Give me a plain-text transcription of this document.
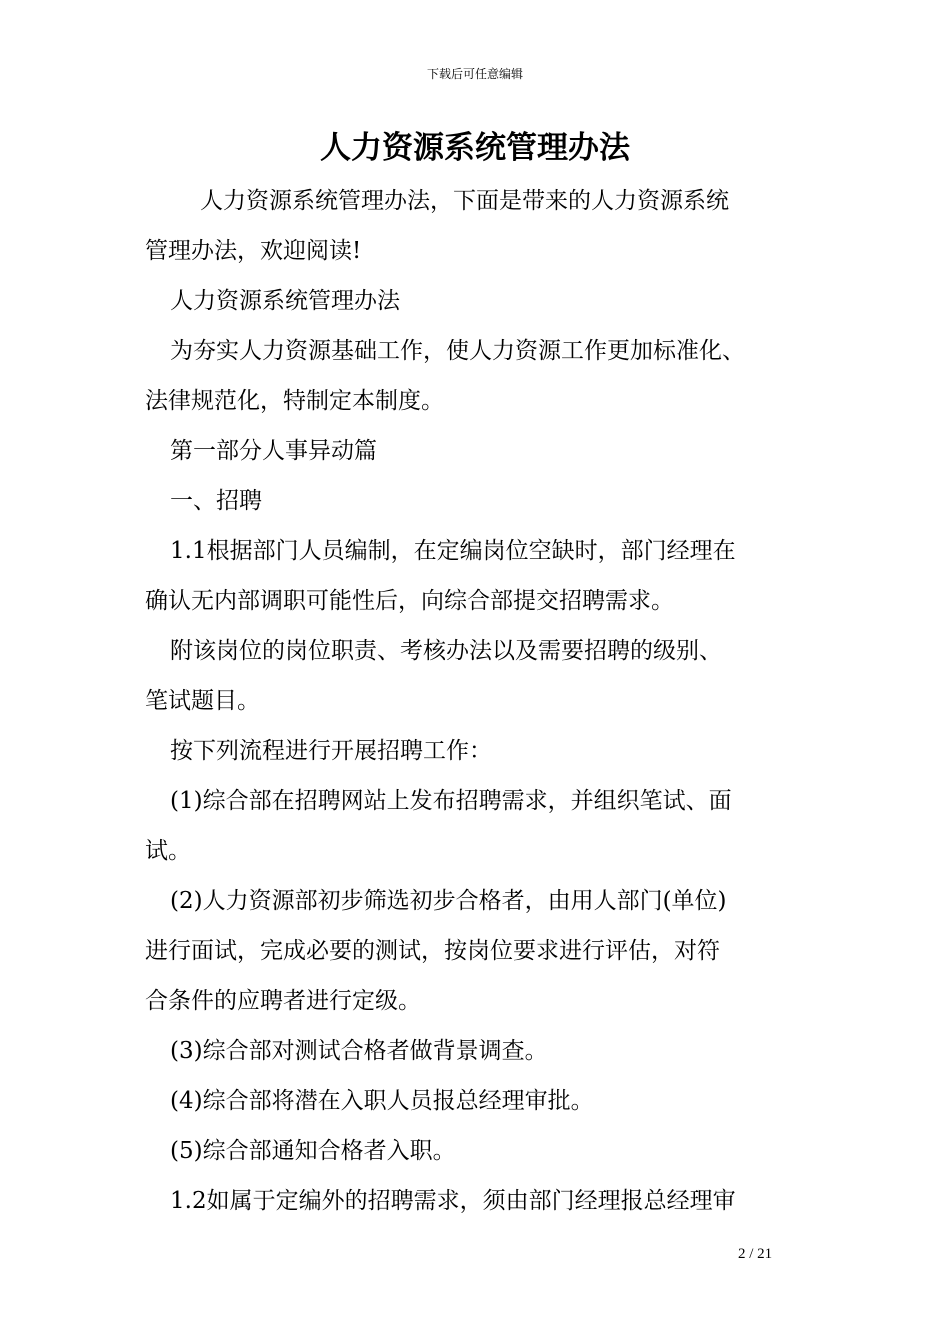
下载后可任意编辑
人力资源系统管理办法
人力资源系统管理办法，下面是带来的人力资源系统
管理办法，欢迎阅读!
人力资源系统管理办法
为夯实人力资源基础工作，使人力资源工作更加标准化、
法律规范化，特制定本制度。
第一部分人事异动篇
一、招聘
1.1根据部门人员编制，在定编岗位空缺时，部门经理在
确认无内部调职可能性后，向综合部提交招聘需求。
附该岗位的岗位职责、考核办法以及需要招聘的级别、
笔试题目。
按下列流程进行开展招聘工作：
(1)综合部在招聘网站上发布招聘需求，并组织笔试、面
试。
(2)人力资源部初步筛选初步合格者，由用人部门(单位)
进行面试，完成必要的测试，按岗位要求进行评估，对符
合条件的应聘者进行定级。
(3)综合部对测试合格者做背景调查。
(4)综合部将潜在入职人员报总经理审批。
(5)综合部通知合格者入职。
1.2如属于定编外的招聘需求，须由部门经理报总经理审
2 / 21
